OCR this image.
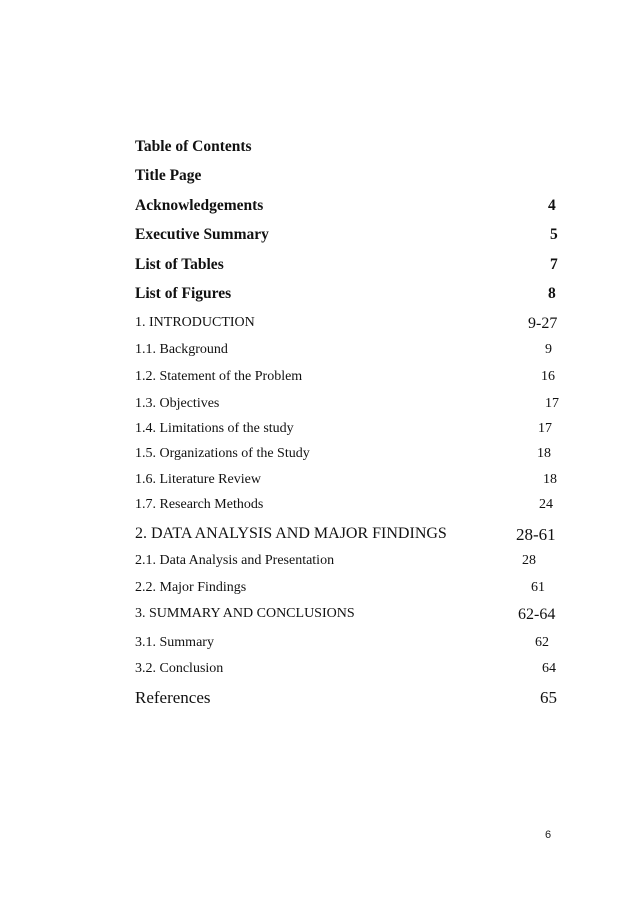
Table of Contents
Title Page
Acknowledgements	4
Executive Summary	5
List of Tables	7
List of Figures	8
1. INTRODUCTION	9-27
1.1. Background	9
1.2. Statement of the Problem	16
1.3. Objectives	17
1.4. Limitations of the study	17
1.5. Organizations of the Study	18
1.6. Literature Review	18
1.7. Research Methods	24
2. DATA ANALYSIS AND MAJOR FINDINGS	28-61
2.1. Data Analysis and Presentation	28
2.2. Major Findings	61
3. SUMMARY AND CONCLUSIONS	62-64
3.1. Summary	62
3.2. Conclusion	64
References	65
6
